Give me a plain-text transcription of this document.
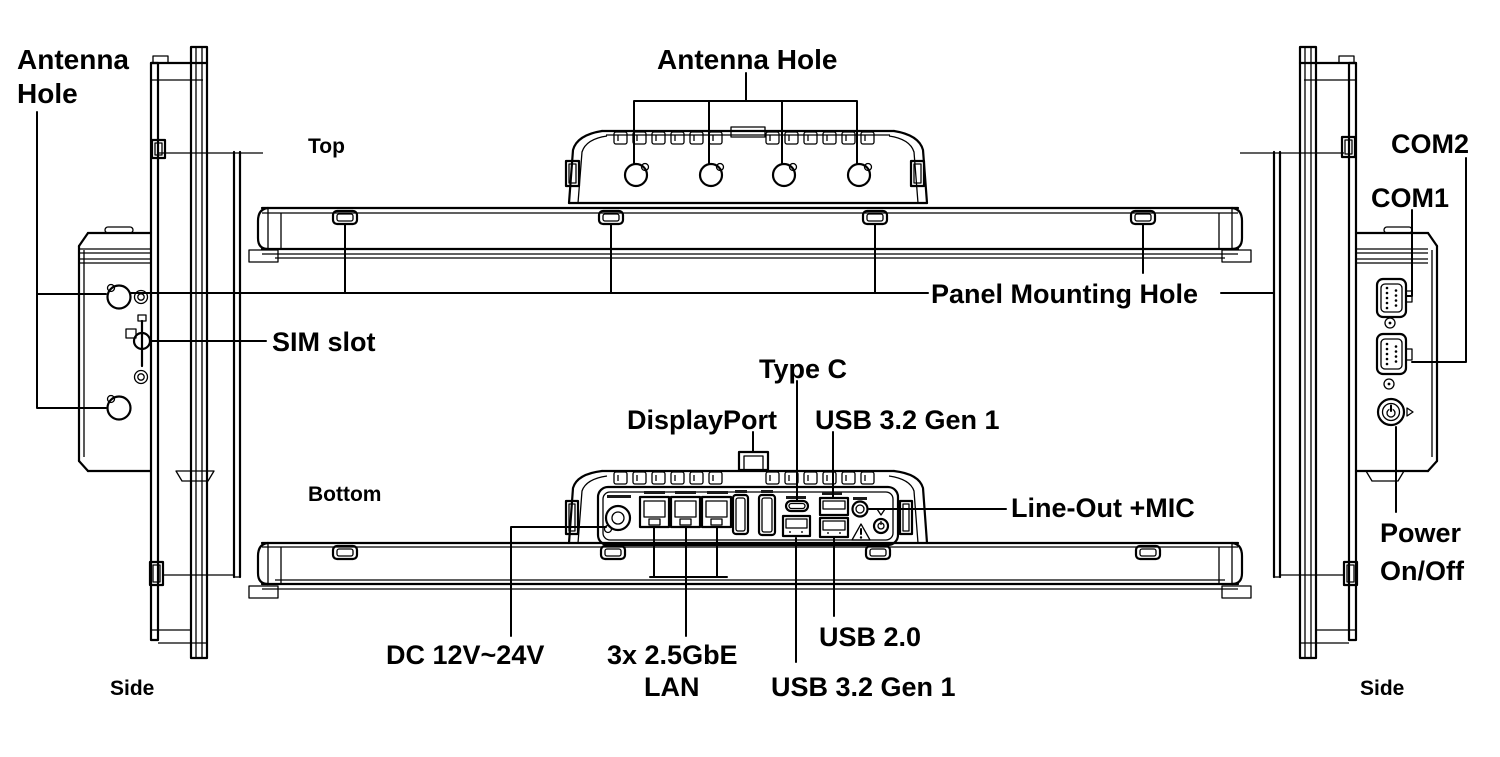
Antenna
Hole
Top
Antenna Hole
Panel Mounting Hole
COM2
COM1
SIM slot
Type C
DisplayPort USB 3.2 Gen 1
Line-Out +MIC
Bottom
DC 12V~24V 3x 2.5GbE
LAN
USB 2.0
USB 3.2 Gen 1
Power
On/Off
Side	Side
